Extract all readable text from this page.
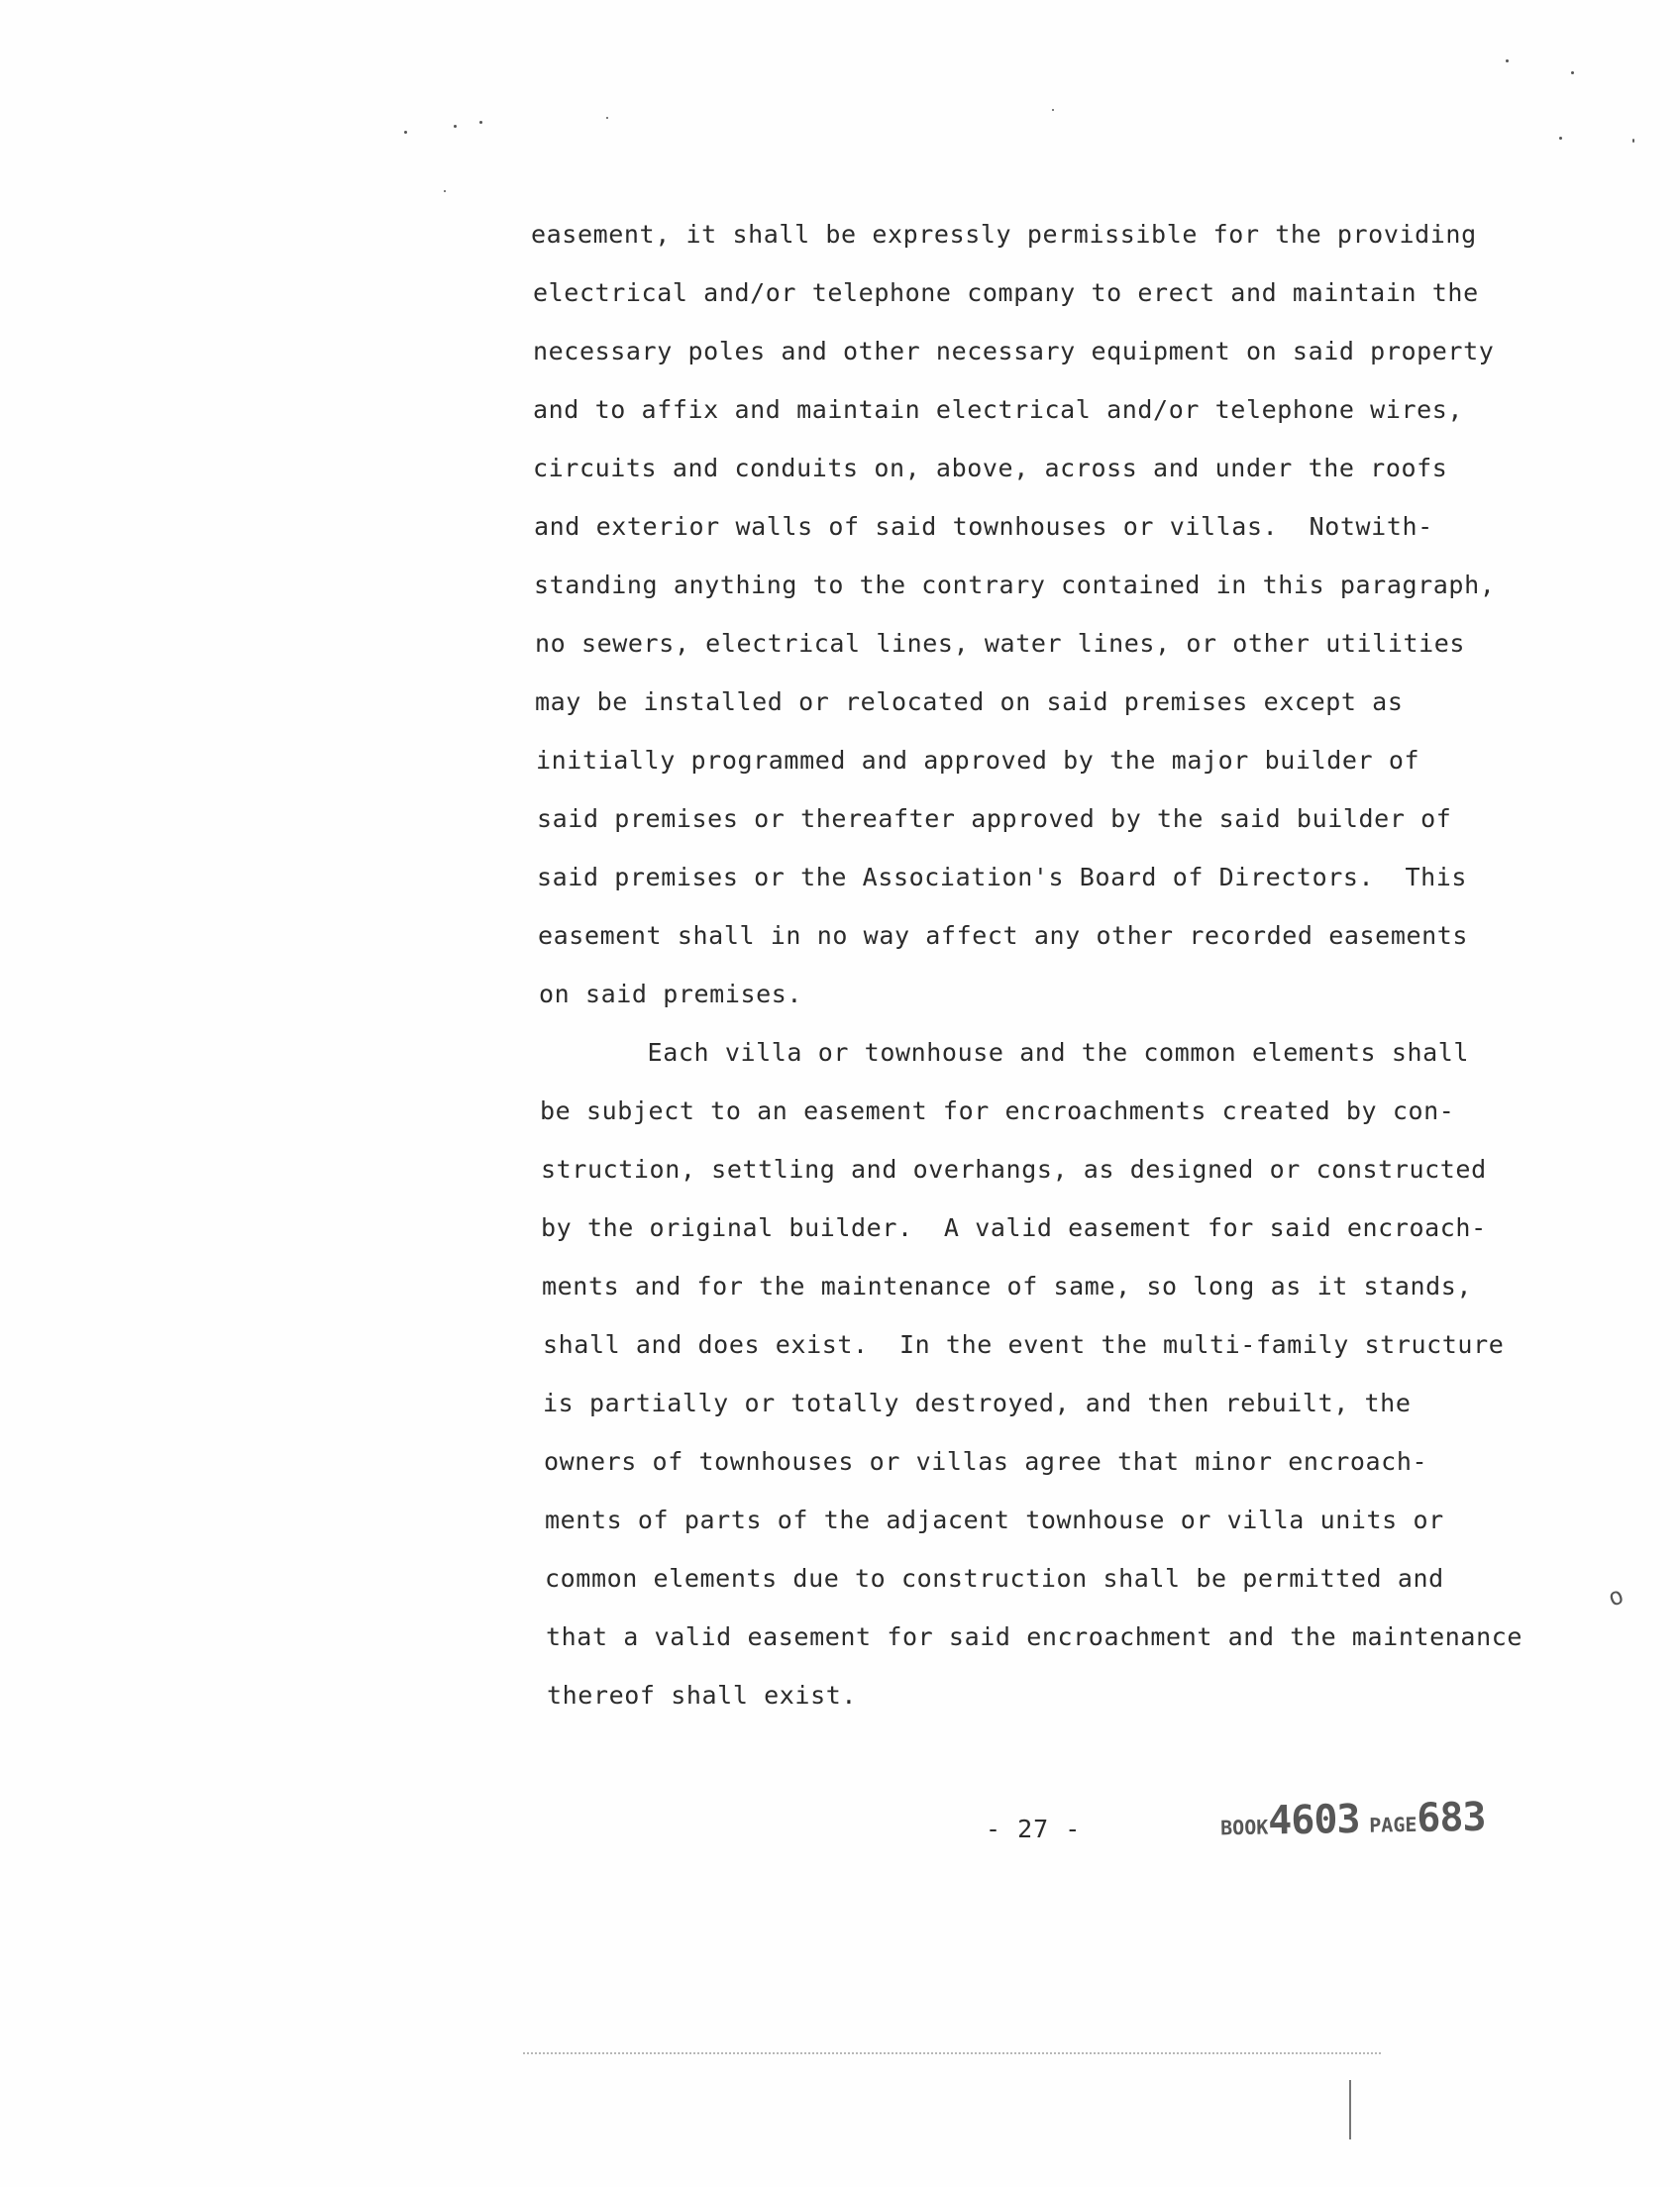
easement, it shall be expressly permissible for the providing
electrical and/or telephone company to erect and maintain the
necessary poles and other necessary equipment on said property
and to affix and maintain electrical and/or telephone wires,
circuits and conduits on, above, across and under the roofs
and exterior walls of said townhouses or villas.  Notwith-
standing anything to the contrary contained in this paragraph,
no sewers, electrical lines, water lines, or other utilities
may be installed or relocated on said premises except as
initially programmed and approved by the major builder of
said premises or thereafter approved by the said builder of
said premises or the Association's Board of Directors.  This
easement shall in no way affect any other recorded easements
on said premises.
Each villa or townhouse and the common elements shall
be subject to an easement for encroachments created by con-
struction, settling and overhangs, as designed or constructed
by the original builder.  A valid easement for said encroach-
ments and for the maintenance of same, so long as it stands,
shall and does exist.  In the event the multi-family structure
is partially or totally destroyed, and then rebuilt, the
owners of townhouses or villas agree that minor encroach-
ments of parts of the adjacent townhouse or villa units or
common elements due to construction shall be permitted and
that a valid easement for said encroachment and the maintenance
thereof shall exist.
- 27 -	BOOK4603 PAGE683
o
